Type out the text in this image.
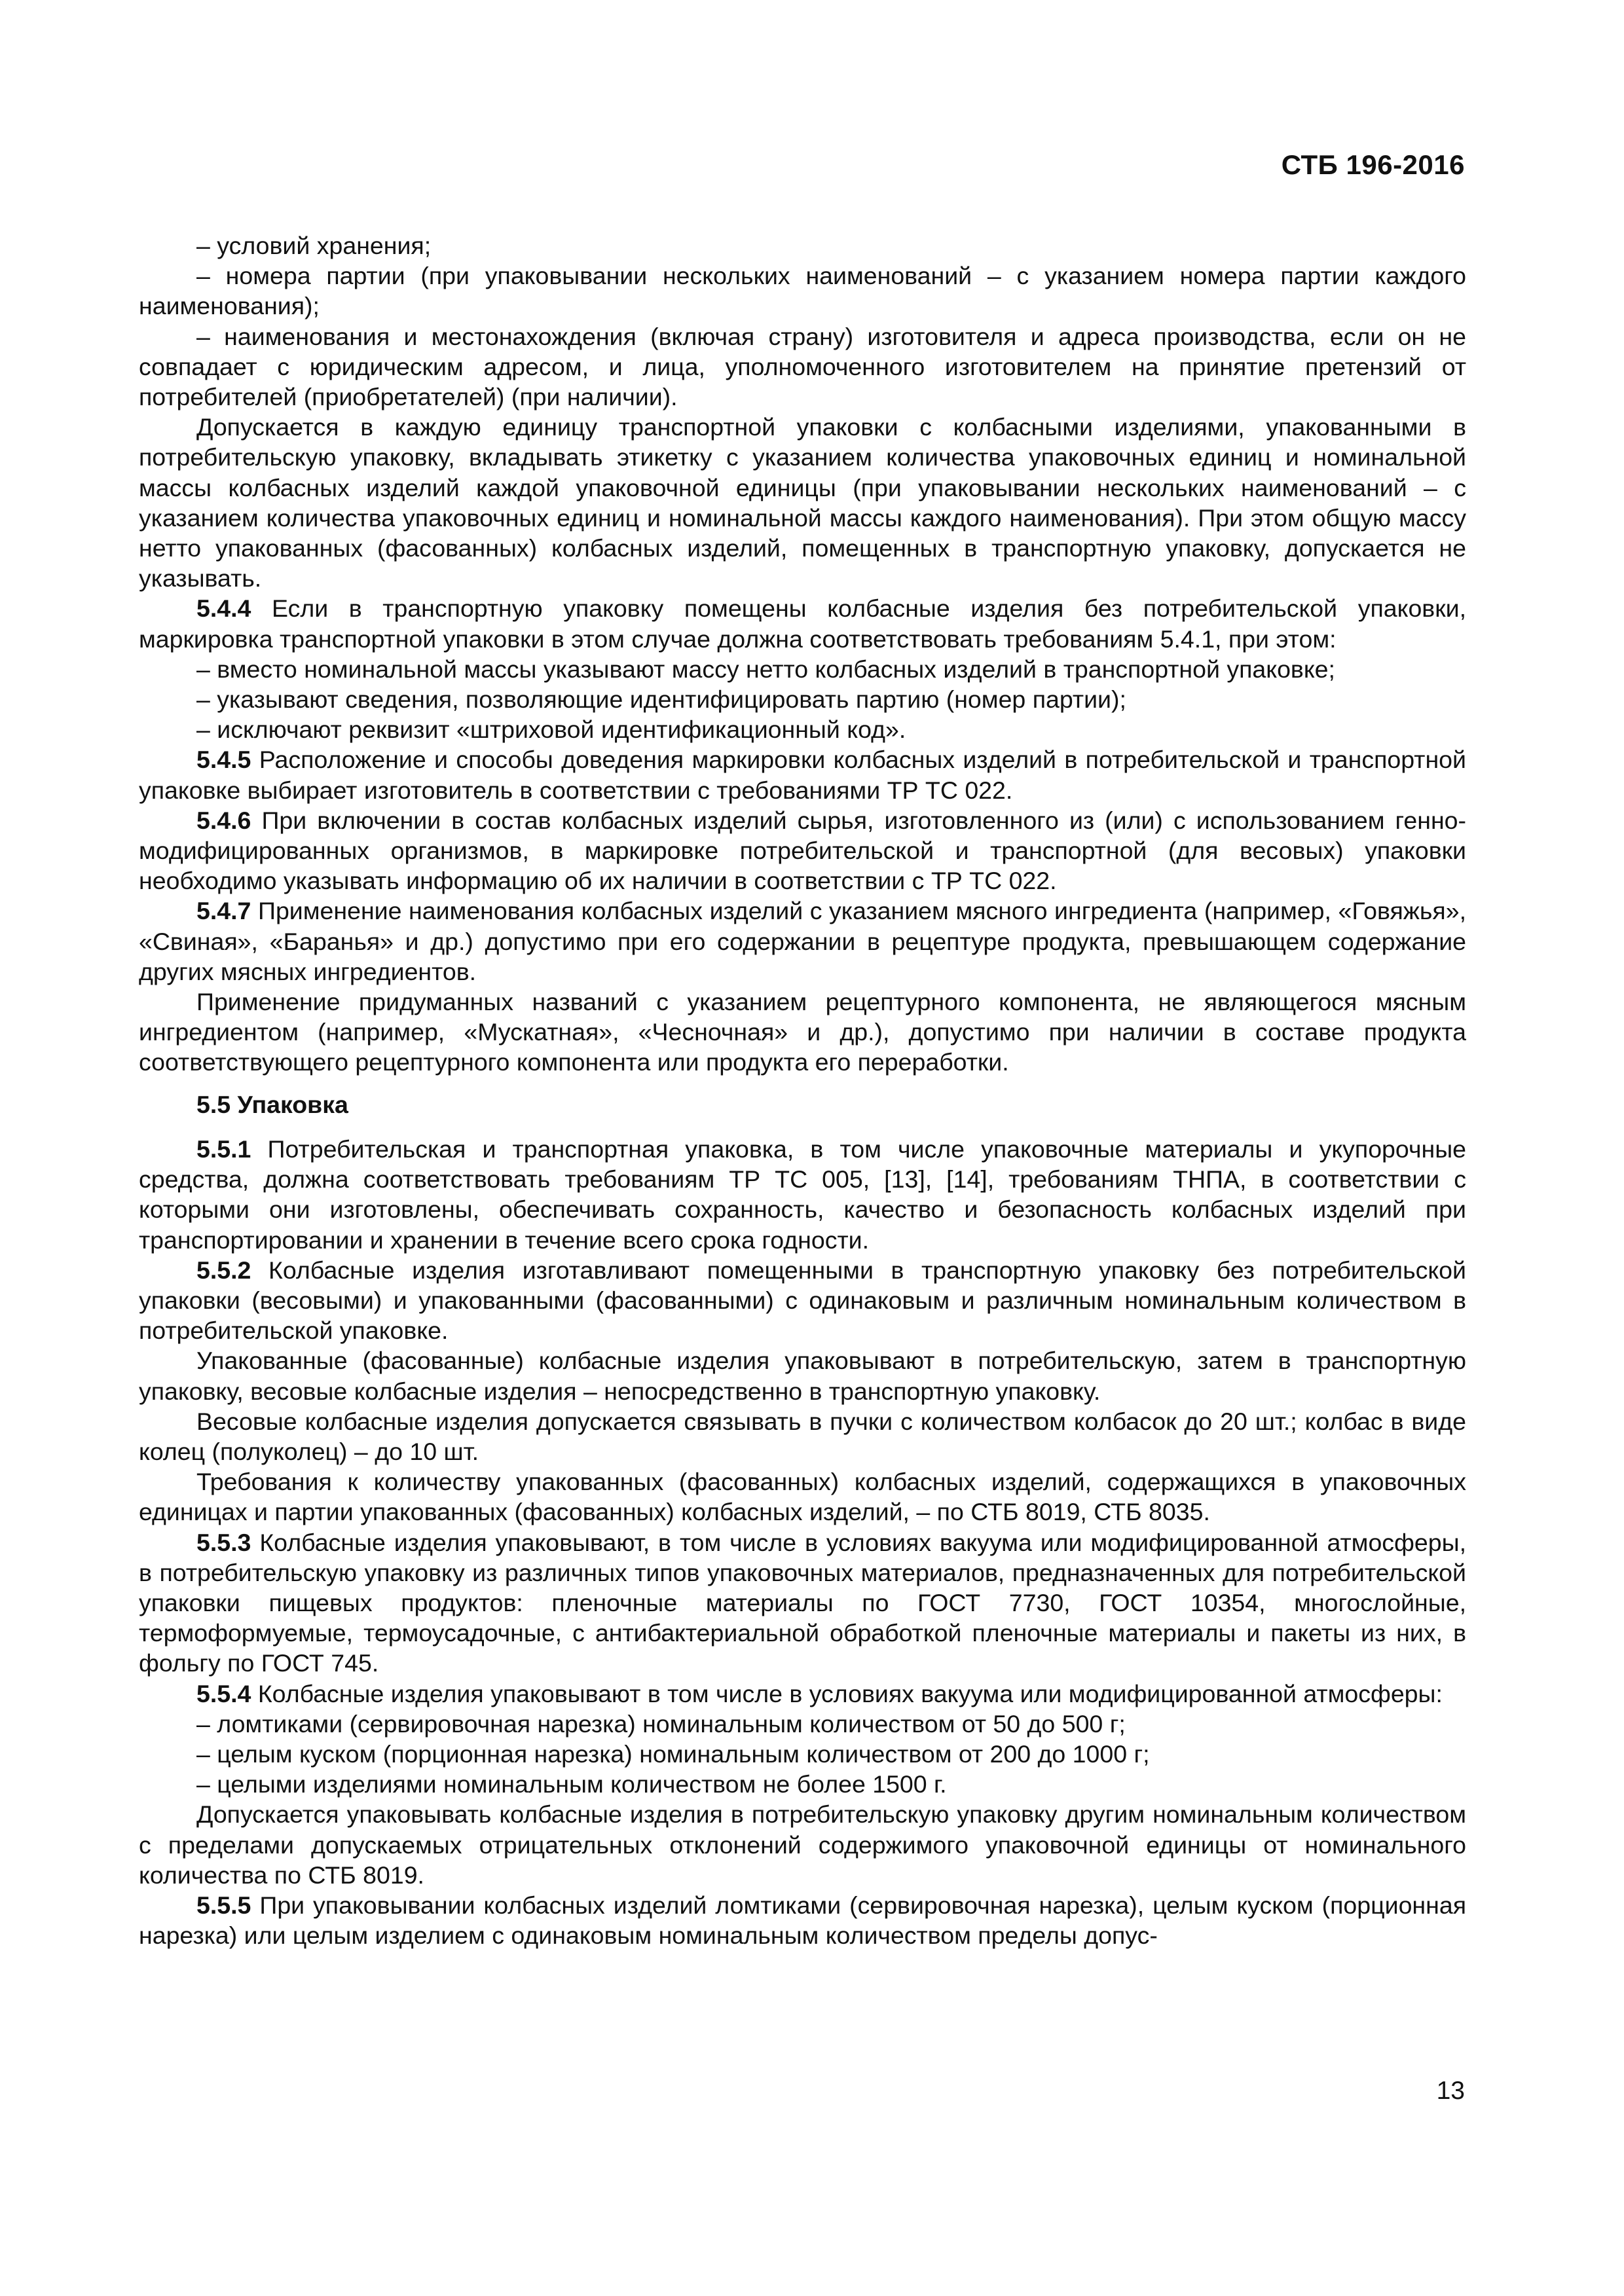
СТБ 196-2016

– условий хранения;

– номера партии (при упаковывании нескольких наименований – с указанием номера партии каждого наименования);

– наименования и местонахождения (включая страну) изготовителя и адреса производства, если он не совпадает с юридическим адресом, и лица, уполномоченного изготовителем на принятие претензий от потребителей (приобретателей) (при наличии).

Допускается в каждую единицу транспортной упаковки с колбасными изделиями, упакованными в потребительскую упаковку, вкладывать этикетку с указанием количества упаковочных единиц и номинальной массы колбасных изделий каждой упаковочной единицы (при упаковывании нескольких наименований – с указанием количества упаковочных единиц и номинальной массы каждого наименования). При этом общую массу нетто упакованных (фасованных) колбасных изделий, помещенных в транспортную упаковку, допускается не указывать.

5.4.4 Если в транспортную упаковку помещены колбасные изделия без потребительской упаковки, маркировка транспортной упаковки в этом случае должна соответствовать требованиям 5.4.1, при этом:

– вместо номинальной массы указывают массу нетто колбасных изделий в транспортной упаковке;

– указывают сведения, позволяющие идентифицировать партию (номер партии);

– исключают реквизит «штриховой идентификационный код».

5.4.5 Расположение и способы доведения маркировки колбасных изделий в потребительской и транспортной упаковке выбирает изготовитель в соответствии с требованиями ТР ТС 022.

5.4.6 При включении в состав колбасных изделий сырья, изготовленного из (или) с использованием генно-модифицированных организмов, в маркировке потребительской и транспортной (для весовых) упаковки необходимо указывать информацию об их наличии в соответствии с ТР ТС 022.

5.4.7 Применение наименования колбасных изделий с указанием мясного ингредиента (например, «Говяжья», «Свиная», «Баранья» и др.) допустимо при его содержании в рецептуре продукта, превышающем содержание других мясных ингредиентов.

Применение придуманных названий с указанием рецептурного компонента, не являющегося мясным ингредиентом (например, «Мускатная», «Чесночная» и др.), допустимо при наличии в составе продукта соответствующего рецептурного компонента или продукта его переработки.

5.5 Упаковка

5.5.1 Потребительская и транспортная упаковка, в том числе упаковочные материалы и укупорочные средства, должна соответствовать требованиям ТР ТС 005, [13], [14], требованиям ТНПА, в соответствии с которыми они изготовлены, обеспечивать сохранность, качество и безопасность колбасных изделий при транспортировании и хранении в течение всего срока годности.

5.5.2 Колбасные изделия изготавливают помещенными в транспортную упаковку без потребительской упаковки (весовыми) и упакованными (фасованными) с одинаковым и различным номинальным количеством в потребительской упаковке.

Упакованные (фасованные) колбасные изделия упаковывают в потребительскую, затем в транспортную упаковку, весовые колбасные изделия – непосредственно в транспортную упаковку.

Весовые колбасные изделия допускается связывать в пучки с количеством колбасок до 20 шт.; колбас в виде колец (полуколец) – до 10 шт.

Требования к количеству упакованных (фасованных) колбасных изделий, содержащихся в упаковочных единицах и партии упакованных (фасованных) колбасных изделий, – по СТБ 8019, СТБ 8035.

5.5.3 Колбасные изделия упаковывают, в том числе в условиях вакуума или модифицированной атмосферы, в потребительскую упаковку из различных типов упаковочных материалов, предназначенных для потребительской упаковки пищевых продуктов: пленочные материалы по ГОСТ 7730, ГОСТ 10354, многослойные, термоформуемые, термоусадочные, с антибактериальной обработкой пленочные материалы и пакеты из них, в фольгу по ГОСТ 745.

5.5.4 Колбасные изделия упаковывают в том числе в условиях вакуума или модифицированной атмосферы:

– ломтиками (сервировочная нарезка) номинальным количеством от 50 до 500 г;

– целым куском (порционная нарезка) номинальным количеством от 200 до 1000 г;

– целыми изделиями номинальным количеством не более 1500 г.

Допускается упаковывать колбасные изделия в потребительскую упаковку другим номинальным количеством с пределами допускаемых отрицательных отклонений содержимого упаковочной единицы от номинального количества по СТБ 8019.

5.5.5 При упаковывании колбасных изделий ломтиками (сервировочная нарезка), целым куском (порционная нарезка) или целым изделием с одинаковым номинальным количеством пределы допус-

13
